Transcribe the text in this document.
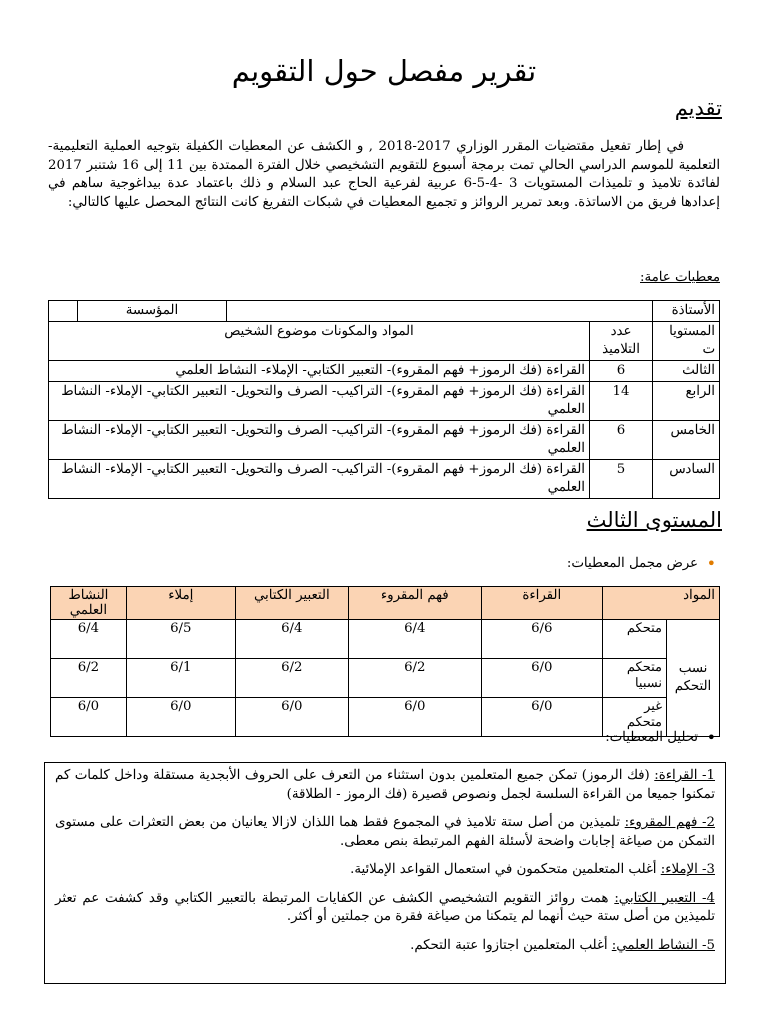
تقرير مفصل حول التقويم
تقديم

في إطار تفعيل مقتضيات المقرر الوزاري 2017-2018 , و الكشف عن المعطيات الكفيلة بتوجيه العملية التعليمية-التعلمية للموسم الدراسي الحالي تمت برمجة أسبوع للتقويم التشخيصي خلال الفترة الممتدة بين 11 إلى 16 شتنبر 2017 لفائدة تلاميذ و تلميذات المستويات 3 -4-5-6 عربية لفرعية الحاج عبد السلام و ذلك باعتماد عدة بيداغوجية ساهم في إعدادها فريق من الاساتذة. وبعد تمرير الروائز و تجميع المعطيات في شبكات التفريغ كانت النتائج المحصل عليها كالتالي:

معطيات عامة:
الأستاذة			المؤسسة	
المستويا ت	عدد التلاميذ	المواد والمكونات موضوع الشخيص		
الثالث	6	القراءة (فك الرموز+ فهم المقروء)- التعبير الكتابي- الإملاء- النشاط العلمي		
الرابع	14	القراءة (فك الرموز+ فهم المقروء)- التراكيب- الصرف والتحويل- التعبير الكتابي- الإملاء- النشاط العلمي		
الخامس	6	القراءة (فك الرموز+ فهم المقروء)- التراكيب- الصرف والتحويل- التعبير الكتابي- الإملاء- النشاط العلمي		
السادس	5	القراءة (فك الرموز+ فهم المقروء)- التراكيب- الصرف والتحويل- التعبير الكتابي- الإملاء- النشاط العلمي		
المستوى الثالث
• عرض مجمل المعطيات:
المواد		القراءة	فهم المقروء	التعبير الكتابي	إملاء	النشاط العلمي
نسب التحكم	متحكم	6/6	6/4	6/4	6/5	6/4
	متحكم نسبيا	6/0	6/2	6/2	6/1	6/2
	غير متحكم	6/0	6/0	6/0	6/0	6/0
• تحليل المعطيات:

1- القراءة: (فك الرموز) تمكن جميع المتعلمين بدون استثناء من التعرف على الحروف الأبجدية مستقلة وداخل كلمات كم تمكنوا جميعا من القراءة السلسة لجمل ونصوص قصيرة (فك الرموز - الطلاقة)

2- فهم المقروء: تلميذين من أصل ستة تلاميذ في المجموع فقط هما اللذان لازالا يعانيان من بعض التعثرات على مستوى التمكن من صياغة إجابات واضحة لأسئلة الفهم المرتبطة بنص معطى.

3- الإملاء: أغلب المتعلمين متحكمون في استعمال القواعد الإملائية.

4- التعبير الكتابي: همت روائز التقويم التشخيصي الكشف عن الكفايات المرتبطة بالتعبير الكتابي وقد كشفت عم تعثر تلميذين من أصل ستة حيث أنهما لم يتمكنا من صياغة فقرة من جملتين أو أكثر.

5- النشاط العلمي: أغلب المتعلمين اجتازوا عتبة التحكم.
